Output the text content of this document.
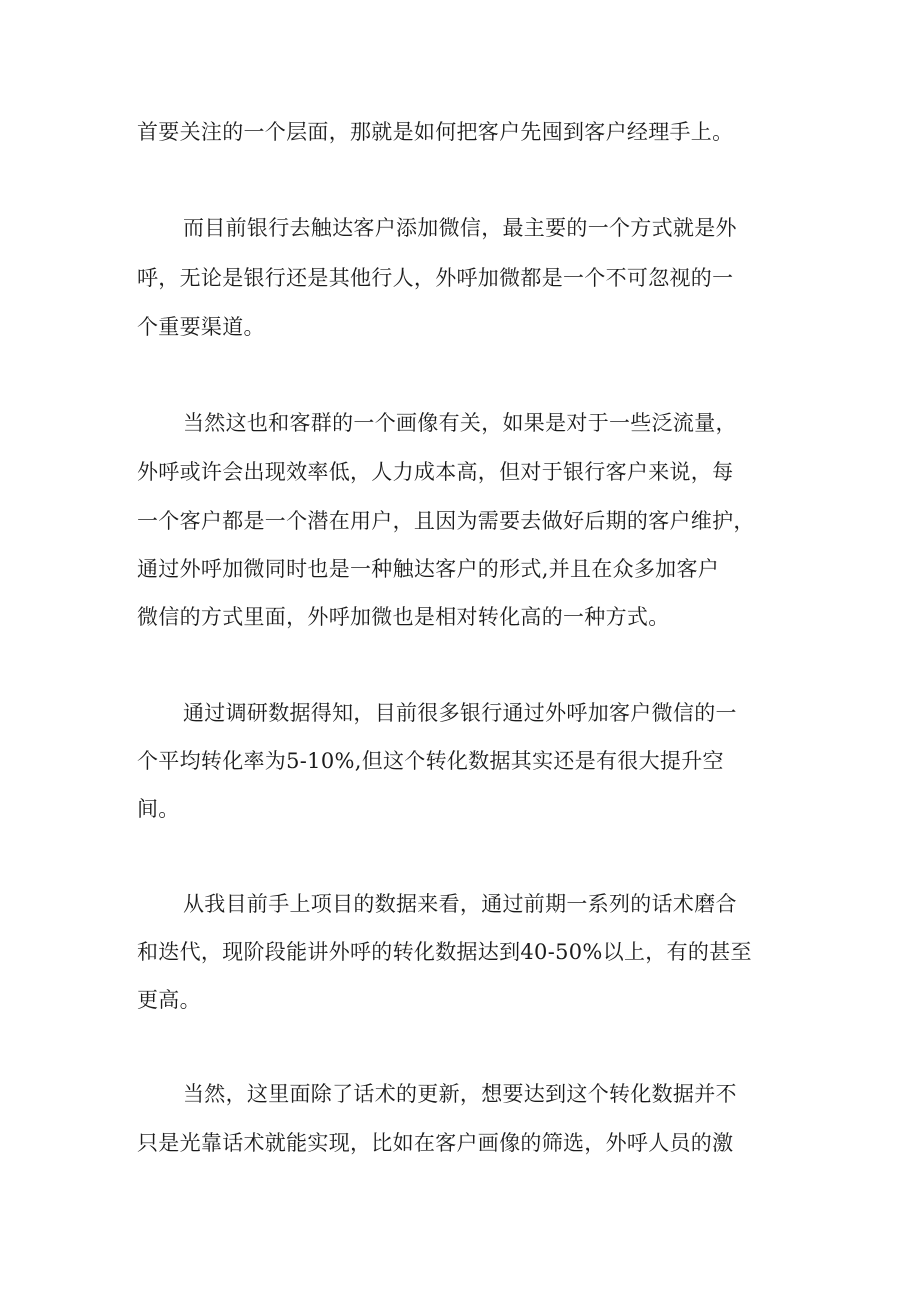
首要关注的一个层面，那就是如何把客户先囤到客户经理手上。
而目前银行去触达客户添加微信，最主要的一个方式就是外
呼，无论是银行还是其他行人，外呼加微都是一个不可忽视的一
个重要渠道。
当然这也和客群的一个画像有关，如果是对于一些泛流量，
外呼或许会出现效率低，人力成本高，但对于银行客户来说，每
一个客户都是一个潜在用户，且因为需要去做好后期的客户维护，
通过外呼加微同时也是一种触达客户的形式,并且在众多加客户
微信的方式里面，外呼加微也是相对转化高的一种方式。
通过调研数据得知，目前很多银行通过外呼加客户微信的一
个平均转化率为5-10%,但这个转化数据其实还是有很大提升空
间。
从我目前手上项目的数据来看，通过前期一系列的话术磨合
和迭代，现阶段能讲外呼的转化数据达到40-50%以上，有的甚至
更高。
当然，这里面除了话术的更新，想要达到这个转化数据并不
只是光靠话术就能实现，比如在客户画像的筛选，外呼人员的激
